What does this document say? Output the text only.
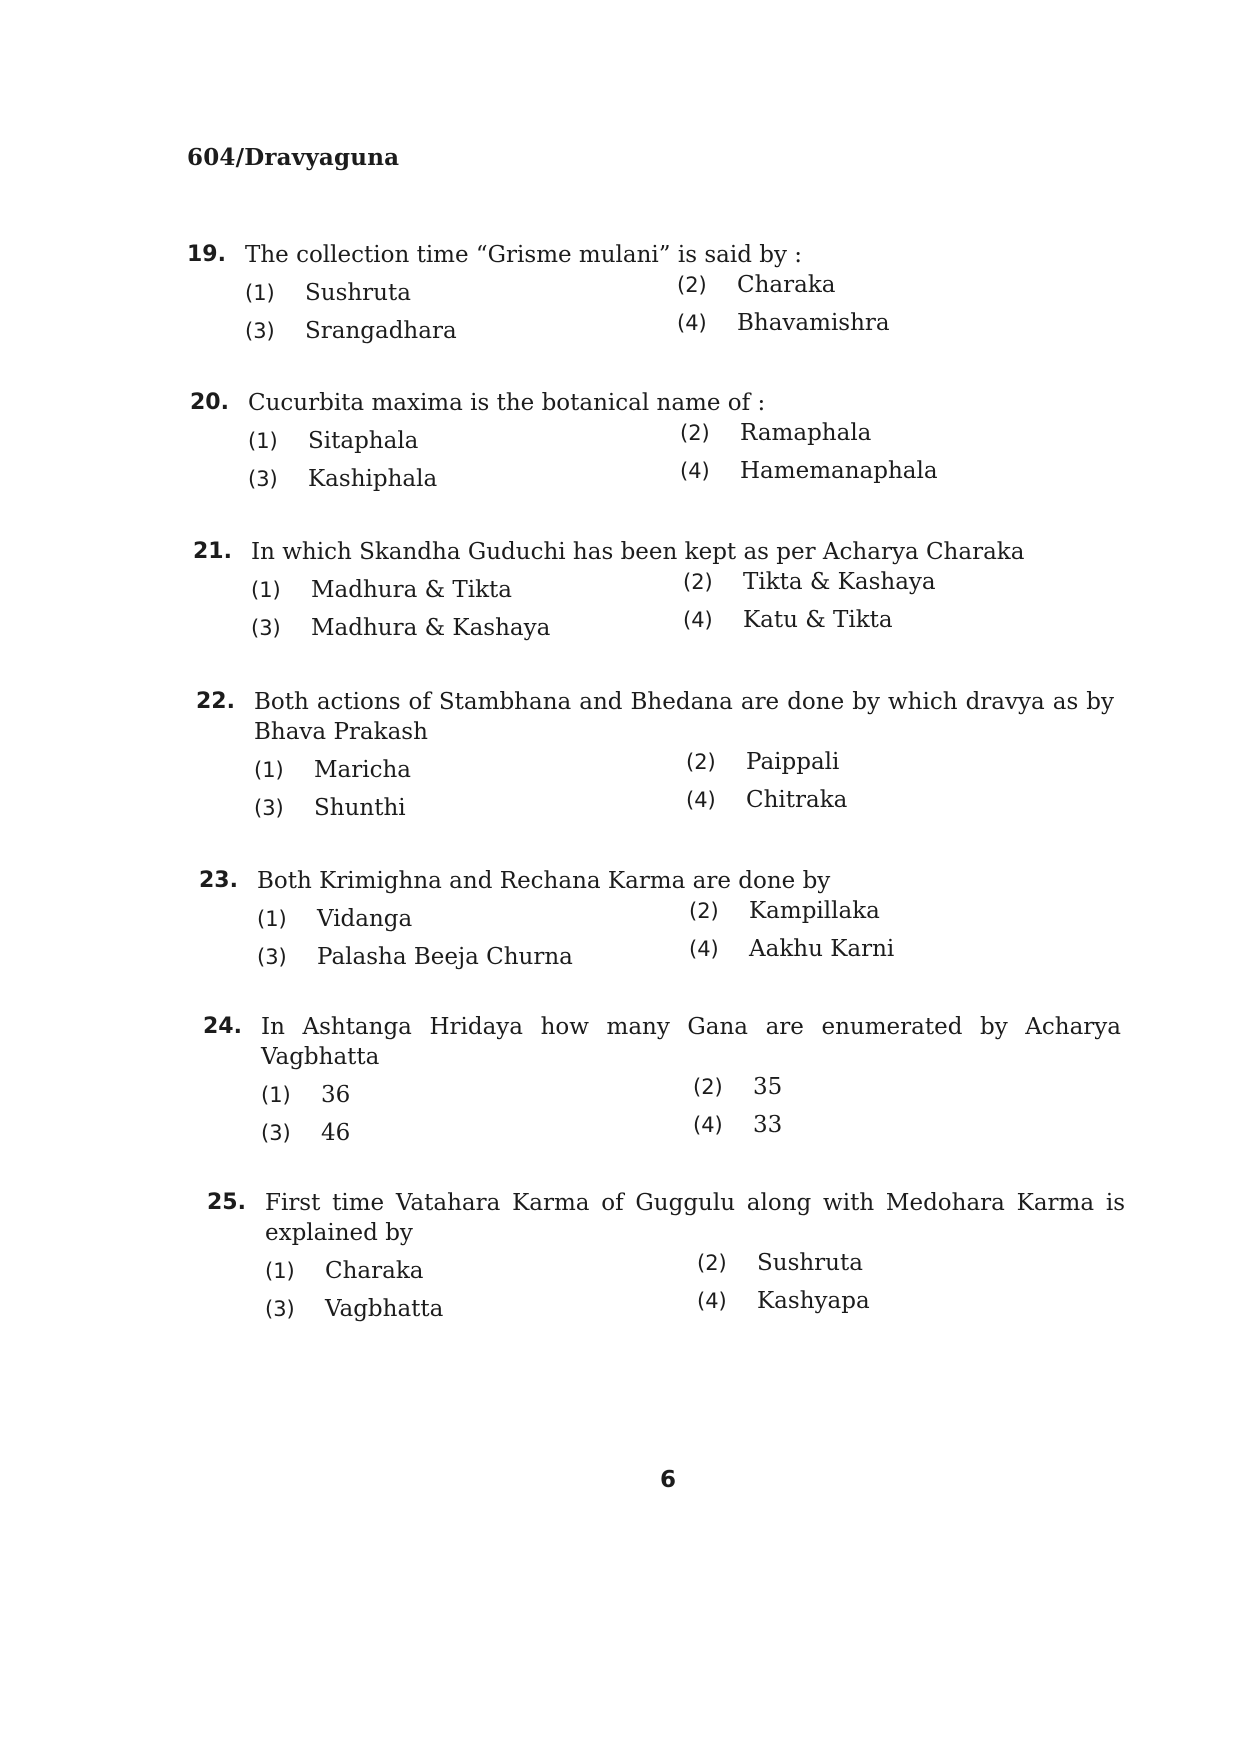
604/Dravyaguna
19. The collection time “Grisme mulani” is said by :
(1) Sushruta	(2) Charaka
(3) Srangadhara	(4) Bhavamishra
20. Cucurbita maxima is the botanical name of :
(1) Sitaphala	(2) Ramaphala
(3) Kashiphala	(4) Hamemanaphala
21. In which Skandha Guduchi has been kept as per Acharya Charaka
(1) Madhura & Tikta	(2) Tikta & Kashaya
(3) Madhura & Kashaya	(4) Katu & Tikta
22. Both actions of Stambhana and Bhedana are done by which dravya as by Bhava Prakash
(1) Maricha	(2) Paippali
(3) Shunthi	(4) Chitraka
23. Both Krimighna and Rechana Karma are done by
(1) Vidanga	(2) Kampillaka
(3) Palasha Beeja Churna	(4) Aakhu Karni
24. In Ashtanga Hridaya how many Gana are enumerated by Acharya Vagbhatta
(1) 36	(2) 35
(3) 46	(4) 33
25. First time Vatahara Karma of Guggulu along with Medohara Karma is explained by
(1) Charaka	(2) Sushruta
(3) Vagbhatta	(4) Kashyapa
6
